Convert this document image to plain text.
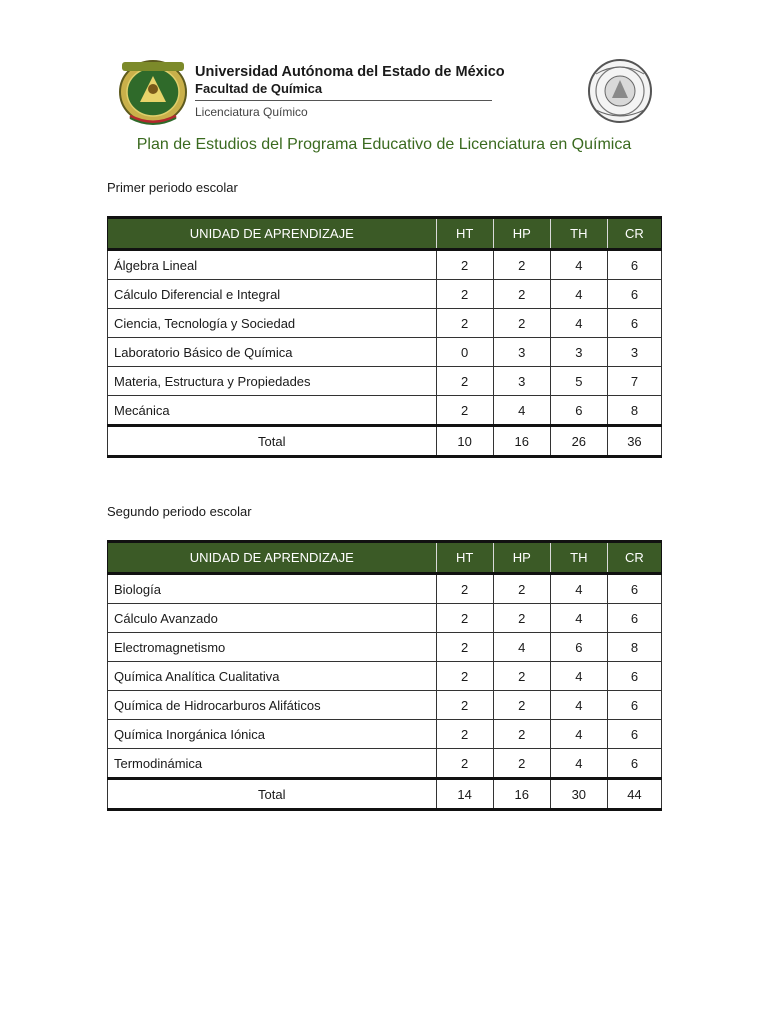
Universidad Autónoma del Estado de México
Facultad de Química
Licenciatura Químico
Plan de Estudios del Programa Educativo de Licenciatura en Química
Primer periodo escolar
UNIDAD DE APRENDIZAJE	HT	HP	TH	CR
Álgebra Lineal	2	2	4	6
Cálculo Diferencial e Integral	2	2	4	6
Ciencia, Tecnología y Sociedad	2	2	4	6
Laboratorio Básico de Química	0	3	3	3
Materia, Estructura y Propiedades	2	3	5	7
Mecánica	2	4	6	8
Total	10	16	26	36
Segundo periodo escolar
UNIDAD DE APRENDIZAJE	HT	HP	TH	CR
Biología	2	2	4	6
Cálculo Avanzado	2	2	4	6
Electromagnetismo	2	4	6	8
Química Analítica Cualitativa	2	2	4	6
Química de Hidrocarburos Alifáticos	2	2	4	6
Química Inorgánica Iónica	2	2	4	6
Termodinámica	2	2	4	6
Total	14	16	30	44
